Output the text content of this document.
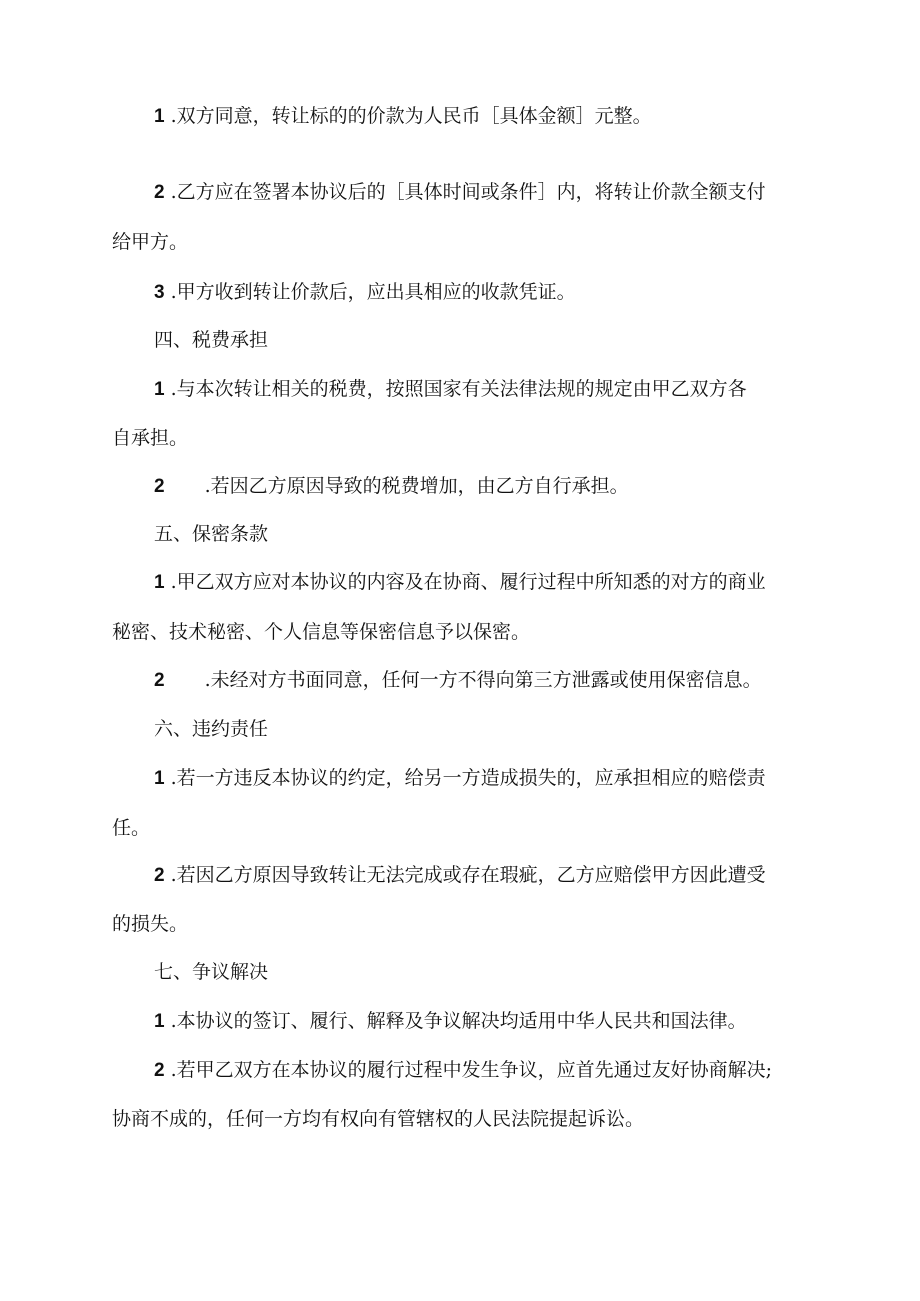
1 .双方同意，转让标的的价款为人民币［具体金额］元整。
2 .乙方应在签署本协议后的［具体时间或条件］内，将转让价款全额支付
给甲方。
3 .甲方收到转让价款后，应出具相应的收款凭证。
四、税费承担
1 .与本次转让相关的税费，按照国家有关法律法规的规定由甲乙双方各
自承担。
2 .若因乙方原因导致的税费增加，由乙方自行承担。
五、保密条款
1 .甲乙双方应对本协议的内容及在协商、履行过程中所知悉的对方的商业
秘密、技术秘密、个人信息等保密信息予以保密。
2 .未经对方书面同意，任何一方不得向第三方泄露或使用保密信息。
六、违约责任
1 .若一方违反本协议的约定，给另一方造成损失的，应承担相应的赔偿责
任。
2 .若因乙方原因导致转让无法完成或存在瑕疵，乙方应赔偿甲方因此遭受
的损失。
七、争议解决
1 .本协议的签订、履行、解释及争议解决均适用中华人民共和国法律。
2 .若甲乙双方在本协议的履行过程中发生争议，应首先通过友好协商解决;
协商不成的，任何一方均有权向有管辖权的人民法院提起诉讼。
